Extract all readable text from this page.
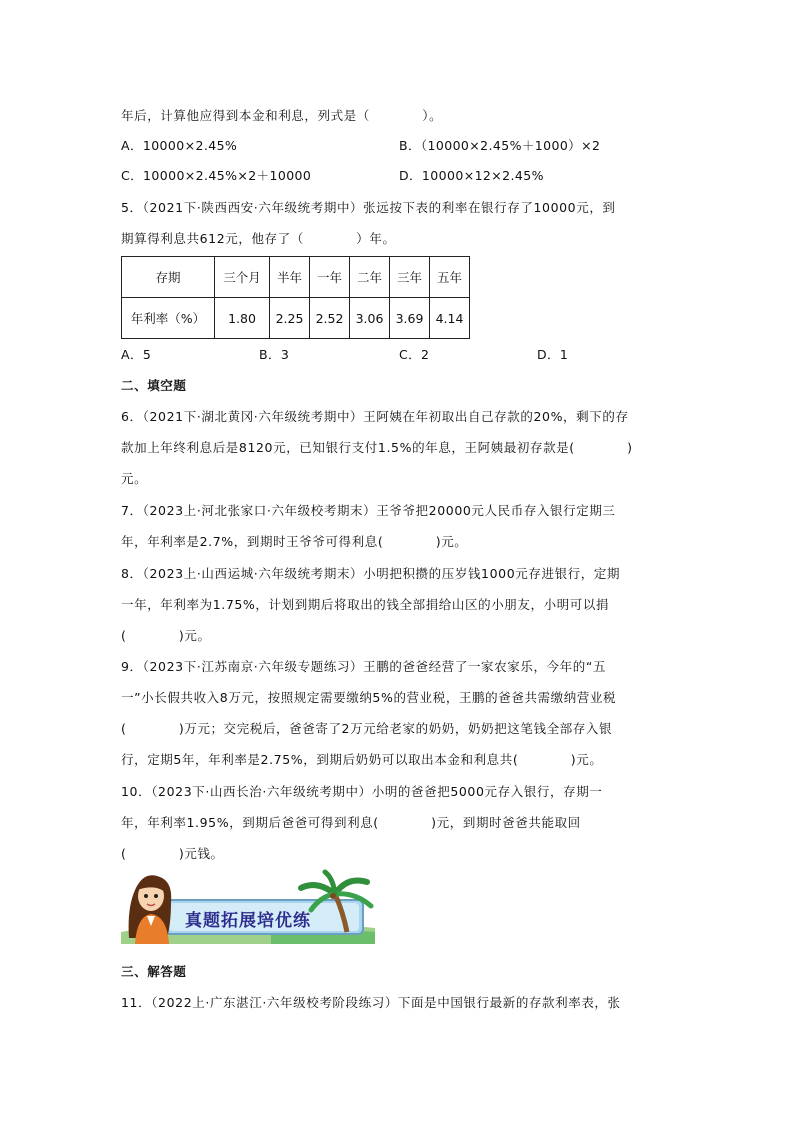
年后，计算他应得到本金和利息，列式是（　　　　）。
A．10000×2.45%	B．（10000×2.45%＋1000）×2
C．10000×2.45%×2＋10000	D．10000×12×2.45%
5．（2021下·陕西西安·六年级统考期中）张远按下表的利率在银行存了10000元，到
期算得利息共612元，他存了（　　　　）年。
存期	三个月	半年	一年	二年	三年	五年
年利率（%）	1.80	2.25	2.52	3.06	3.69	4.14
A．5	B．3	C．2	D．1
二、填空题
6．（2021下·湖北黄冈·六年级统考期中）王阿姨在年初取出自己存款的20%，剩下的存
款加上年终利息后是8120元，已知银行支付1.5%的年息，王阿姨最初存款是(　　　　)
元。
7．（2023上·河北张家口·六年级校考期末）王爷爷把20000元人民币存入银行定期三
年，年利率是2.7%，到期时王爷爷可得利息(　　　　)元。
8．（2023上·山西运城·六年级统考期末）小明把积攒的压岁钱1000元存进银行，定期
一年，年利率为1.75%，计划到期后将取出的钱全部捐给山区的小朋友，小明可以捐
(　　　　)元。
9．（2023下·江苏南京·六年级专题练习）王鹏的爸爸经营了一家农家乐，今年的“五
一”小长假共收入8万元，按照规定需要缴纳5%的营业税，王鹏的爸爸共需缴纳营业税
(　　　　)万元；交完税后，爸爸寄了2万元给老家的奶奶，奶奶把这笔钱全部存入银
行，定期5年，年利率是2.75%，到期后奶奶可以取出本金和利息共(　　　　)元。
10．（2023下·山西长治·六年级统考期中）小明的爸爸把5000元存入银行，存期一
年，年利率1.95%，到期后爸爸可得到利息(　　　　)元，到期时爸爸共能取回
(　　　　)元钱。
真题拓展培优练
三、解答题
11．（2022上·广东湛江·六年级校考阶段练习）下面是中国银行最新的存款利率表，张
